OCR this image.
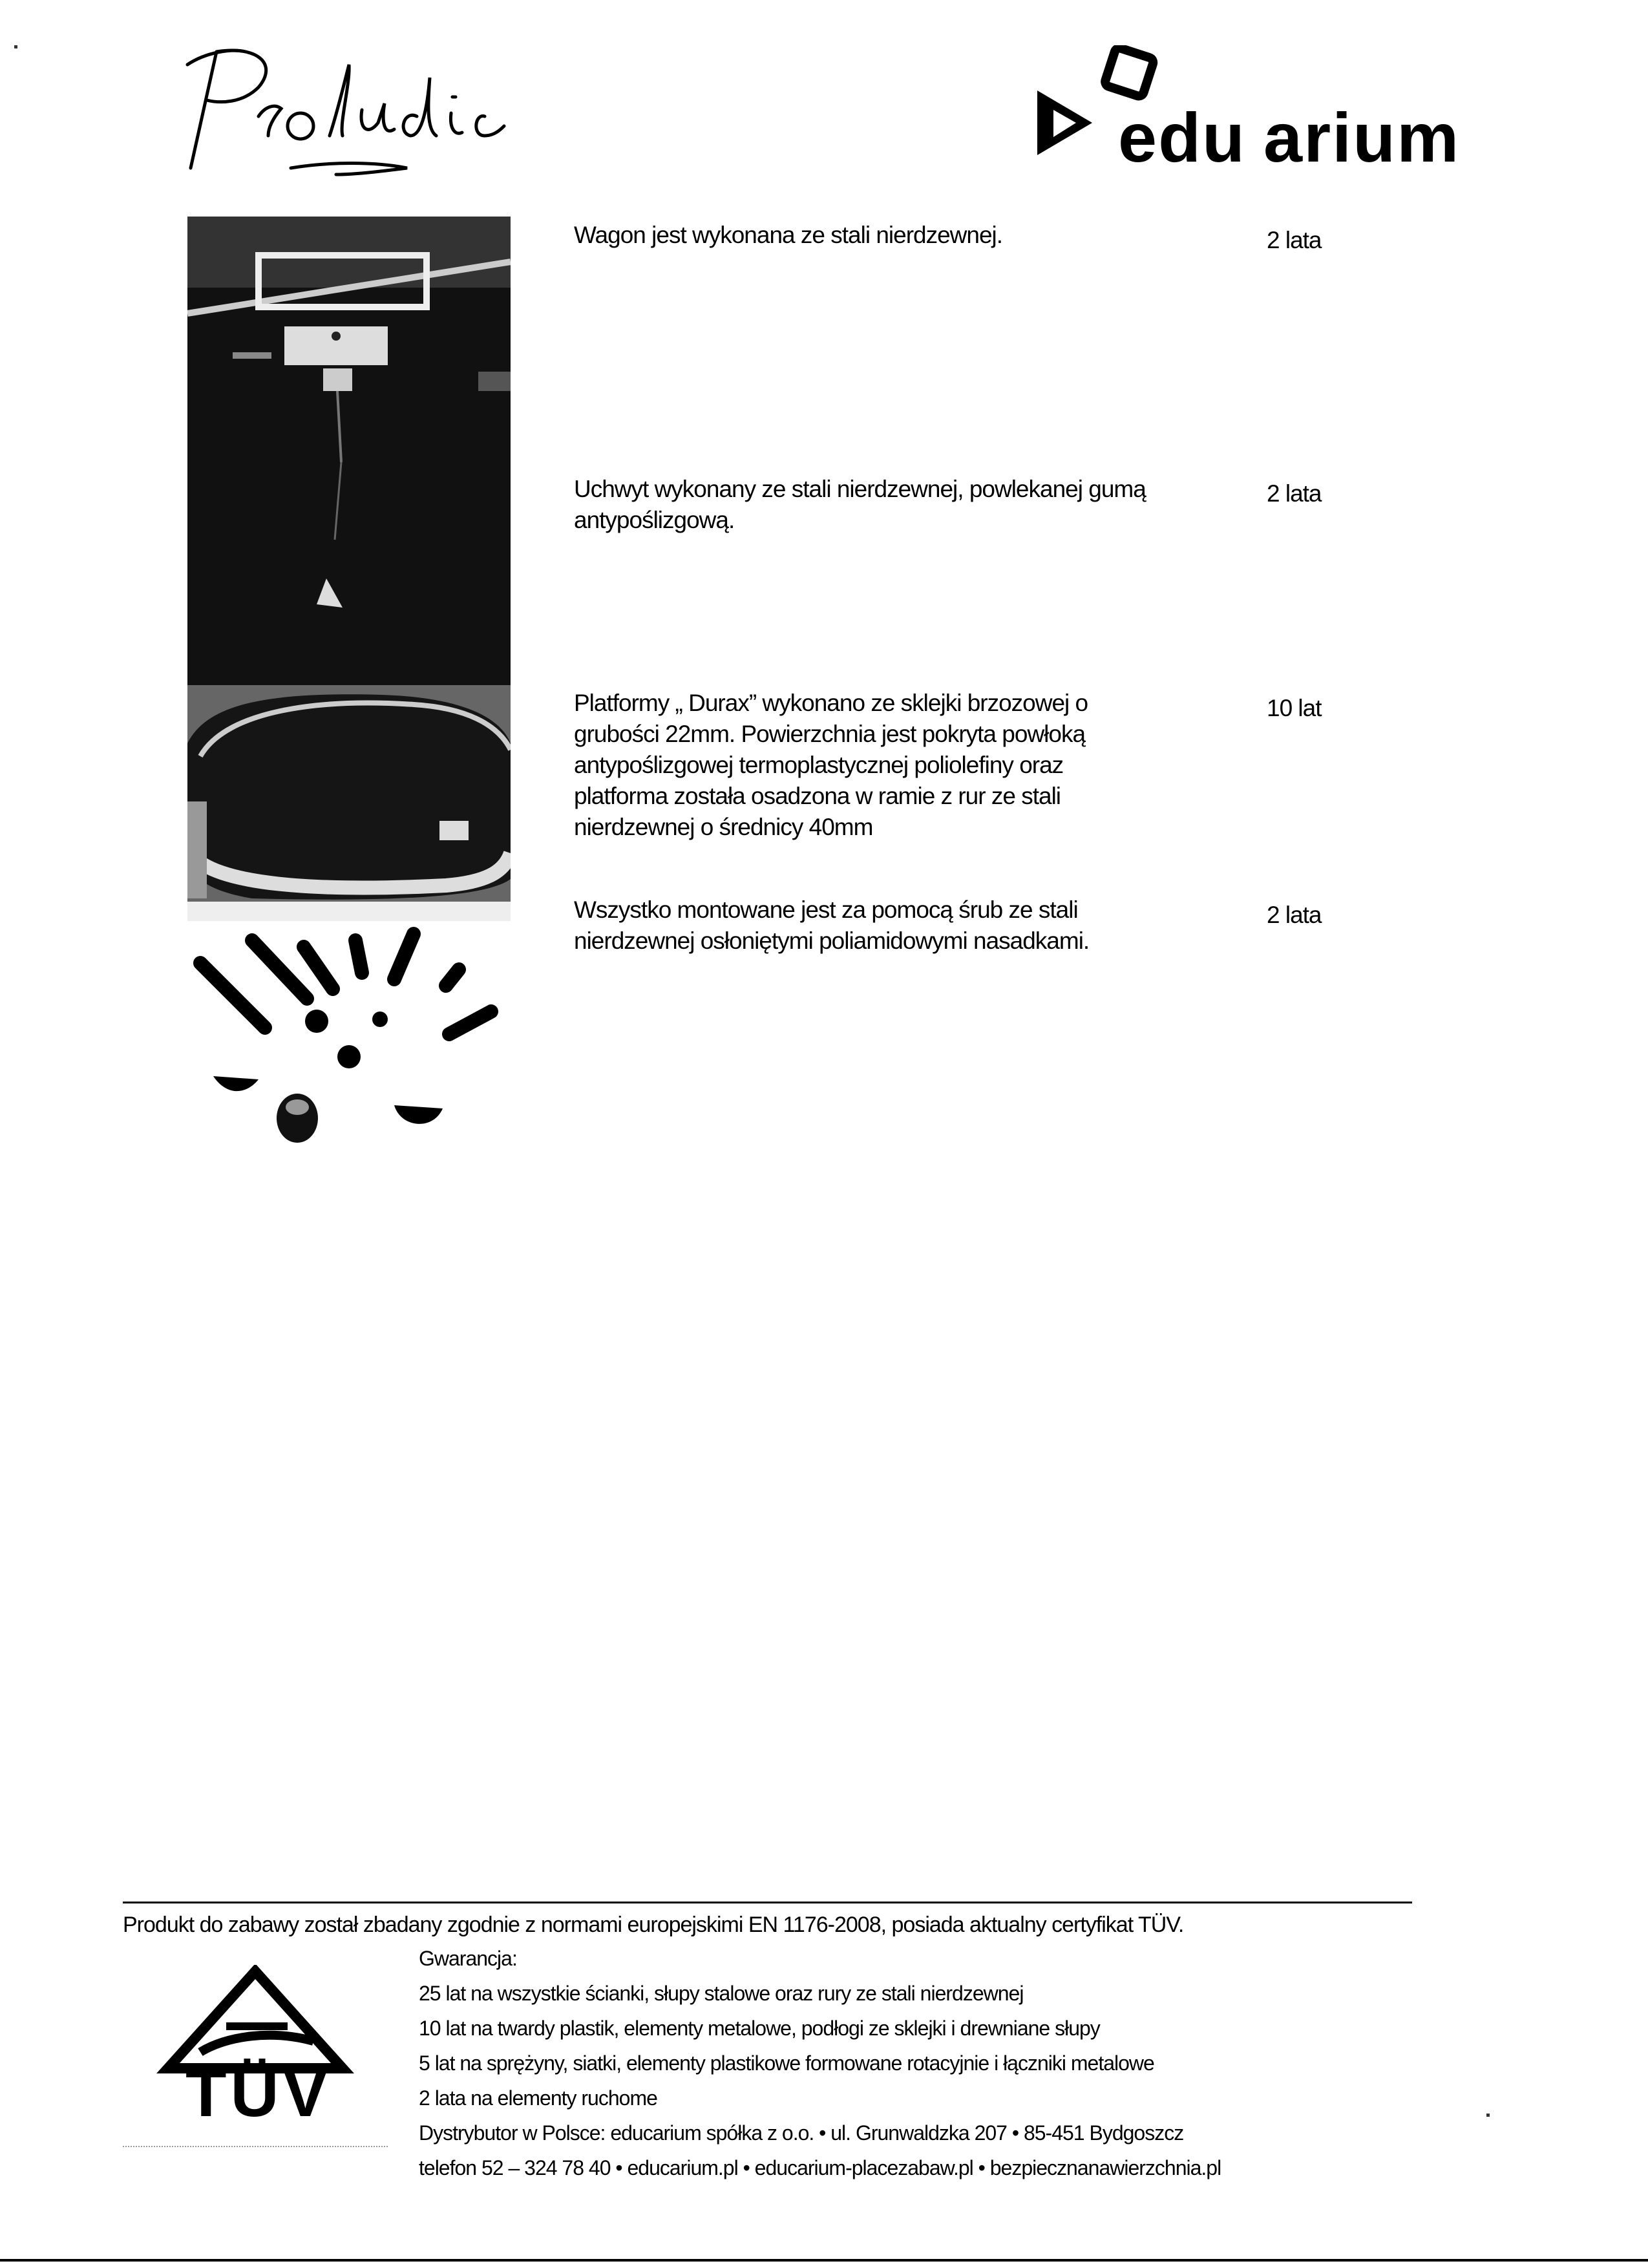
edu arium
Wagon jest wykonana ze stali nierdzewnej.	2 lata
Uchwyt wykonany ze stali nierdzewnej, powlekanej gumą antypoślizgową.
2 lata
Platformy „ Durax” wykonano ze sklejki brzozowej o grubości 22mm. Powierzchnia jest pokryta powłoką antypoślizgowej termoplastycznej poliolefiny oraz platforma została osadzona w ramie z rur ze stali nierdzewnej o średnicy 40mm
10 lat
Wszystko montowane jest za pomocą śrub ze stali nierdzewnej osłoniętymi poliamidowymi nasadkami.
2 lata
Produkt do zabawy został zbadany zgodnie z normami europejskimi EN 1176-2008, posiada aktualny certyfikat TÜV.
Gwarancja:
25 lat na wszystkie ścianki, słupy stalowe oraz rury ze stali nierdzewnej
10 lat na twardy plastik, elementy metalowe, podłogi ze sklejki i drewniane słupy
5 lat na sprężyny, siatki, elementy plastikowe formowane rotacyjnie i łączniki metalowe
2 lata na elementy ruchome
Dystrybutor w Polsce: educarium spółka z o.o. • ul. Grunwaldzka 207 • 85-451 Bydgoszcz
telefon 52 – 324 78 40 • educarium.pl • educarium-placezabaw.pl • bezpiecznanawierzchnia.pl
TÜV
